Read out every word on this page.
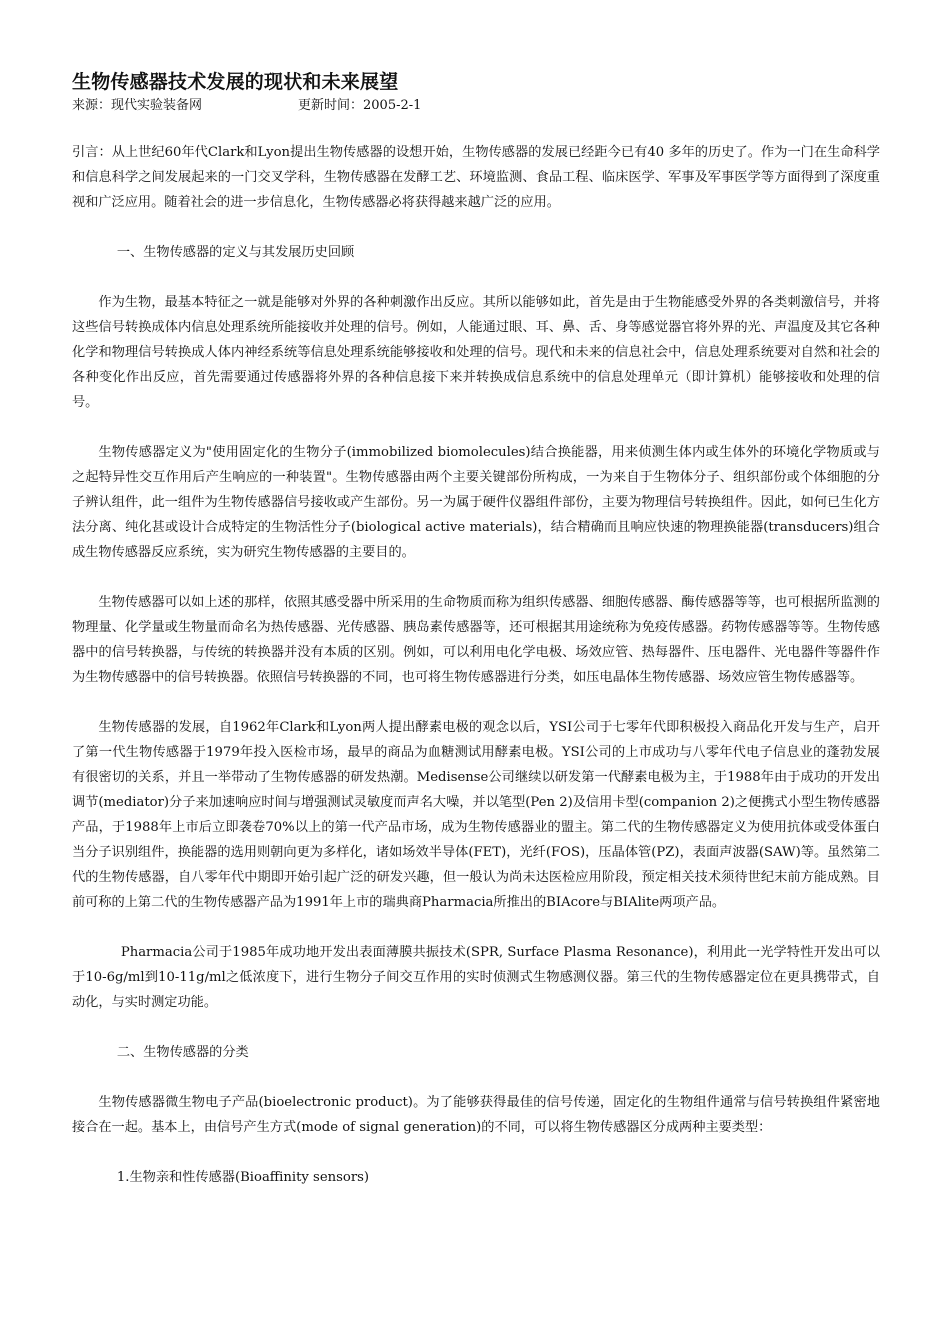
生物传感器技术发展的现状和未来展望
来源：现代实验装备网	更新时间：2005-2-1

引言：从上世纪60年代Clark和Lyon提出生物传感器的设想开始，生物传感器的发展已经距今已有40 多年的历史了。作为一门在生命科学和信息科学之间发展起来的一门交叉学科，生物传感器在发酵工艺、环境监测、食品工程、临床医学、军事及军事医学等方面得到了深度重视和广泛应用。随着社会的进一步信息化，生物传感器必将获得越来越广泛的应用。

一、生物传感器的定义与其发展历史回顾

作为生物，最基本特征之一就是能够对外界的各种刺激作出反应。其所以能够如此，首先是由于生物能感受外界的各类刺激信号，并将这些信号转换成体内信息处理系统所能接收并处理的信号。例如，人能通过眼、耳、鼻、舌、身等感觉器官将外界的光、声温度及其它各种化学和物理信号转换成人体内神经系统等信息处理系统能够接收和处理的信号。现代和未来的信息社会中，信息处理系统要对自然和社会的各种变化作出反应，首先需要通过传感器将外界的各种信息接下来并转换成信息系统中的信息处理单元（即计算机）能够接收和处理的信号。

生物传感器定义为"使用固定化的生物分子(immobilized biomolecules)结合换能器，用来侦测生体内或生体外的环境化学物质或与之起特异性交互作用后产生响应的一种装置"。生物传感器由两个主要关键部份所构成，一为来自于生物体分子、组织部份或个体细胞的分子辨认组件，此一组件为生物传感器信号接收或产生部份。另一为属于硬件仪器组件部份，主要为物理信号转换组件。因此，如何已生化方法分离、纯化甚或设计合成特定的生物活性分子(biological active materials)，结合精确而且响应快速的物理换能器(transducers)组合成生物传感器反应系统，实为研究生物传感器的主要目的。

生物传感器可以如上述的那样，依照其感受器中所采用的生命物质而称为组织传感器、细胞传感器、酶传感器等等，也可根据所监测的物理量、化学量或生物量而命名为热传感器、光传感器、胰岛素传感器等，还可根据其用途统称为免疫传感器。药物传感器等等。生物传感器中的信号转换器，与传统的转换器并没有本质的区别。例如，可以利用电化学电极、场效应管、热每器件、压电器件、光电器件等器件作为生物传感器中的信号转换器。依照信号转换器的不同，也可将生物传感器进行分类，如压电晶体生物传感器、场效应管生物传感器等。

生物传感器的发展，自1962年Clark和Lyon两人提出酵素电极的观念以后，YSI公司于七零年代即积极投入商品化开发与生产，启开了第一代生物传感器于1979年投入医检市场，最早的商品为血糖测试用酵素电极。YSI公司的上市成功与八零年代电子信息业的蓬勃发展有很密切的关系，并且一举带动了生物传感器的研发热潮。Medisense公司继续以研发第一代酵素电极为主，于1988年由于成功的开发出调节(mediator)分子来加速响应时间与增强测试灵敏度而声名大噪，并以笔型(Pen 2)及信用卡型(companion 2)之便携式小型生物传感器产品，于1988年上市后立即袭卷70%以上的第一代产品市场，成为生物传感器业的盟主。第二代的生物传感器定义为使用抗体或受体蛋白当分子识别组件，换能器的选用则朝向更为多样化，诸如场效半导体(FET)，光纤(FOS)，压晶体管(PZ)，表面声波器(SAW)等。虽然第二代的生物传感器，自八零年代中期即开始引起广泛的研发兴趣，但一般认为尚未达医检应用阶段，预定相关技术须待世纪末前方能成熟。目前可称的上第二代的生物传感器产品为1991年上市的瑞典商Pharmacia所推出的BIAcore与BIAlite两项产品。

Pharmacia公司于1985年成功地开发出表面薄膜共振技术(SPR, Surface Plasma Resonance)，利用此一光学特性开发出可以于10-6g/ml到10-11g/ml之低浓度下，进行生物分子间交互作用的实时侦测式生物感测仪器。第三代的生物传感器定位在更具携带式，自动化，与实时测定功能。

二、生物传感器的分类

生物传感器微生物电子产品(bioelectronic product)。为了能够获得最佳的信号传递，固定化的生物组件通常与信号转换组件紧密地接合在一起。基本上，由信号产生方式(mode of signal generation)的不同，可以将生物传感器区分成两种主要类型：

1.生物亲和性传感器(Bioaffinity sensors)
